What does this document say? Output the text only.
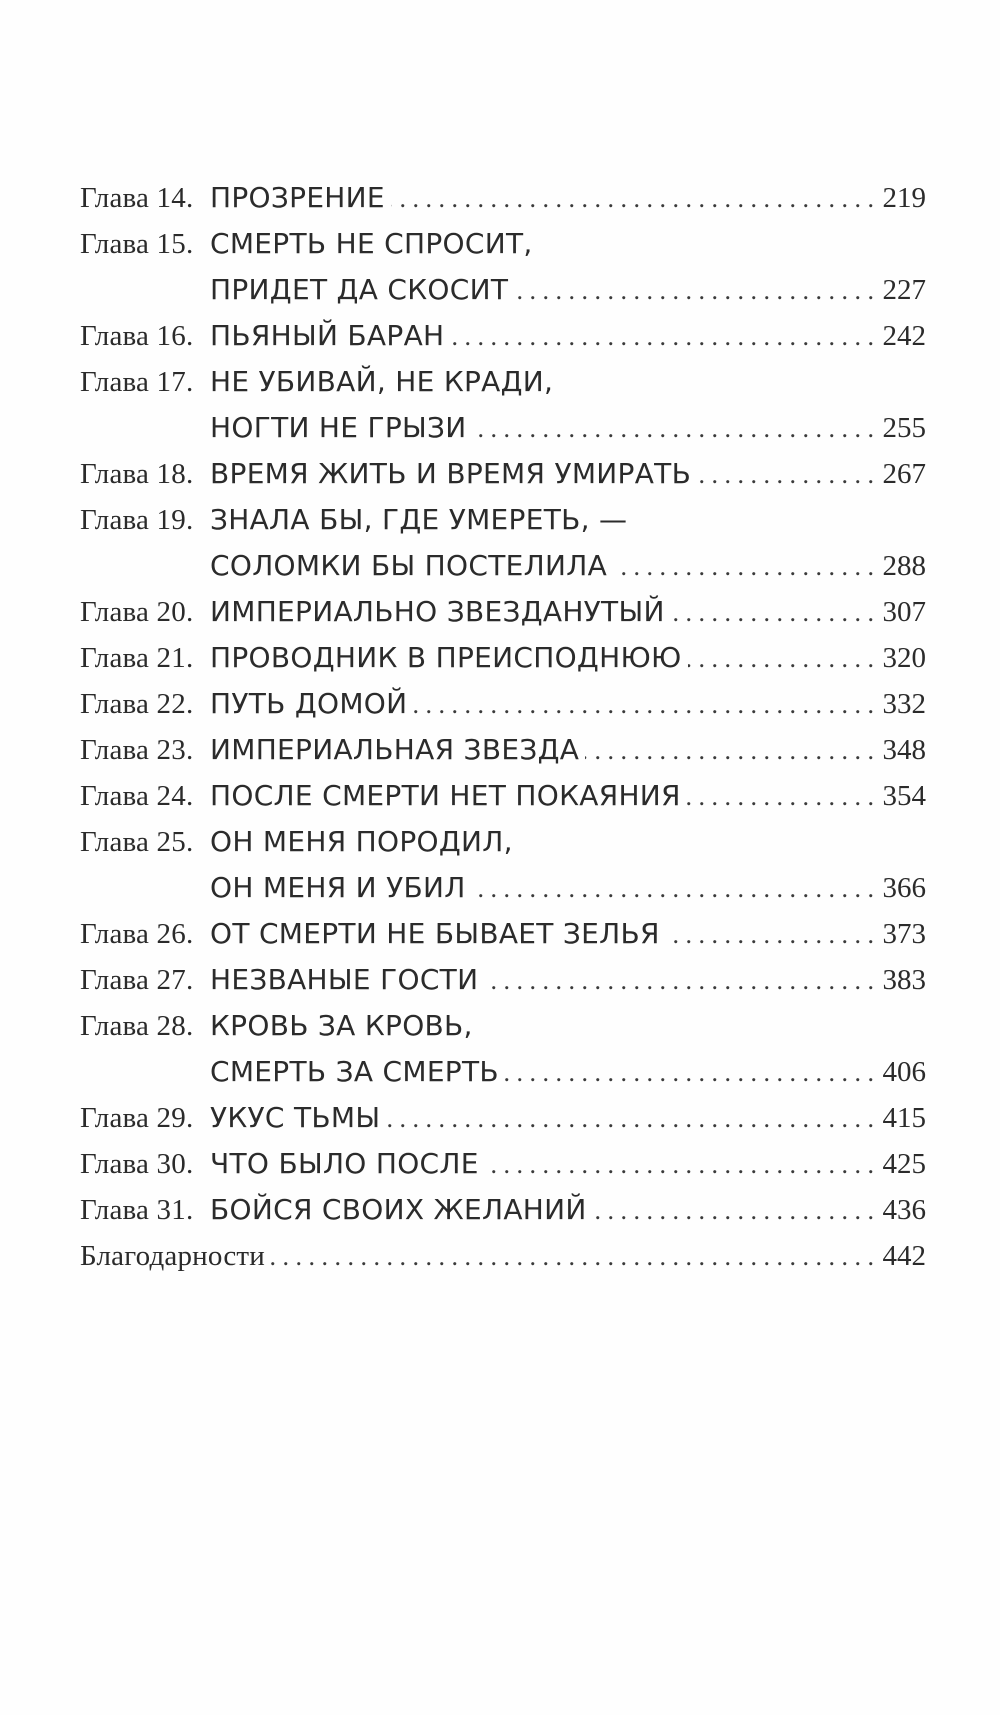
Глава 14. ПРОЗРЕНИЕ . . .	219
Глава 15. СМЕРТЬ НЕ СПРОСИТ,
ПРИДЕТ ДА СКОСИТ . . .	227
Глава 16. ПЬЯНЫЙ БАРАН . . .	242
Глава 17. НЕ УБИВАЙ, НЕ КРАДИ,
НОГТИ НЕ ГРЫЗИ . . .	255
Глава 18. ВРЕМЯ ЖИТЬ И ВРЕМЯ УМИРАТЬ . . .	267
Глава 19. ЗНАЛА БЫ, ГДЕ УМЕРЕТЬ, —
СОЛОМКИ БЫ ПОСТЕЛИЛА . . .	288
Глава 20. ИМПЕРИАЛЬНО ЗВЕЗДАНУТЫЙ . . .	307
Глава 21. ПРОВОДНИК В ПРЕИСПОДНЮЮ . . .	320
Глава 22. ПУТЬ ДОМОЙ . . .	332
Глава 23. ИМПЕРИАЛЬНАЯ ЗВЕЗДА . . .	348
Глава 24. ПОСЛЕ СМЕРТИ НЕТ ПОКАЯНИЯ . . .	354
Глава 25. ОН МЕНЯ ПОРОДИЛ,
ОН МЕНЯ И УБИЛ . . .	366
Глава 26. ОТ СМЕРТИ НЕ БЫВАЕТ ЗЕЛЬЯ . . .	373
Глава 27. НЕЗВАНЫЕ ГОСТИ . . .	383
Глава 28. КРОВЬ ЗА КРОВЬ,
СМЕРТЬ ЗА СМЕРТЬ . . .	406
Глава 29. УКУС ТЬМЫ . . .	415
Глава 30. ЧТО БЫЛО ПОСЛЕ . . .	425
Глава 31. БОЙСЯ СВОИХ ЖЕЛАНИЙ . . .	436
Благодарности . . .	442
